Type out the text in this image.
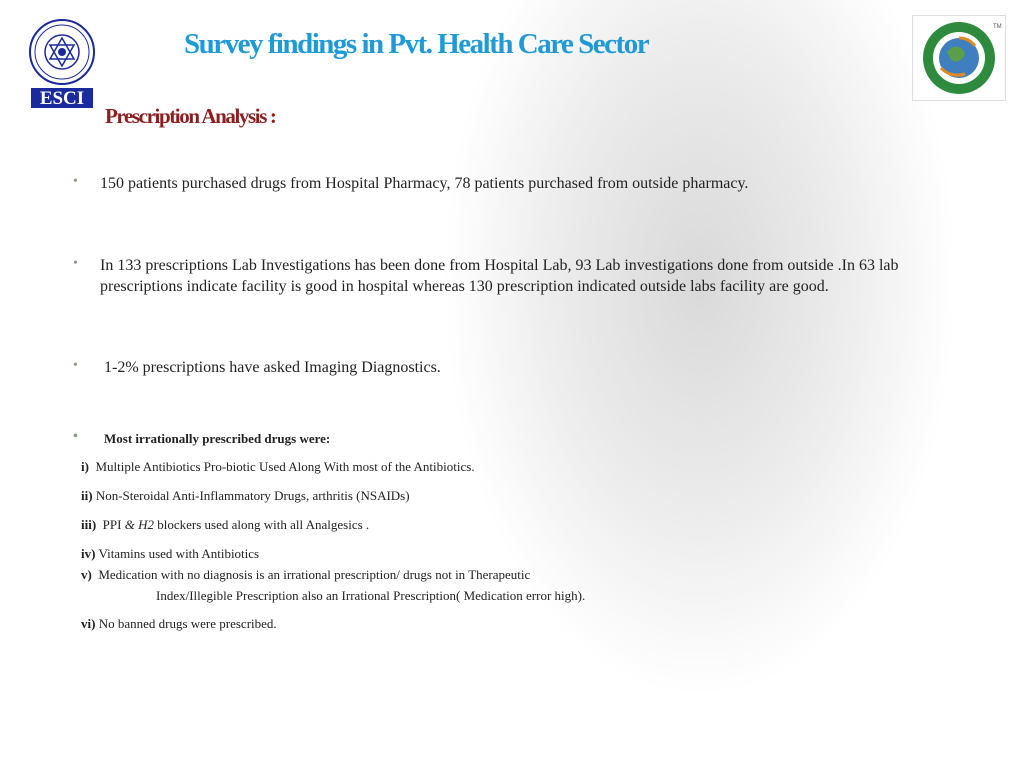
ESCI
TM
Survey findings in Pvt. Health Care Sector
Prescription Analysis :
• 150 patients purchased drugs from Hospital Pharmacy, 78 patients purchased from outside pharmacy.
• In 133 prescriptions Lab Investigations has been done from Hospital Lab, 93 Lab investigations done from outside .In 63 lab prescriptions indicate facility is good in hospital whereas 130 prescription indicated outside labs facility are good.
• 1-2% prescriptions have asked Imaging Diagnostics.
• Most irrationally prescribed drugs were:
i) Multiple Antibiotics Pro-biotic Used Along With most of the Antibiotics.
ii) Non-Steroidal Anti-Inflammatory Drugs, arthritis (NSAIDs)
iii) PPI & H2 blockers used along with all Analgesics .
iv) Vitamins used with Antibiotics
v) Medication with no diagnosis is an irrational prescription/ drugs not in Therapeutic
Index/Illegible Prescription also an Irrational Prescription( Medication error high).
vi) No banned drugs were prescribed.
